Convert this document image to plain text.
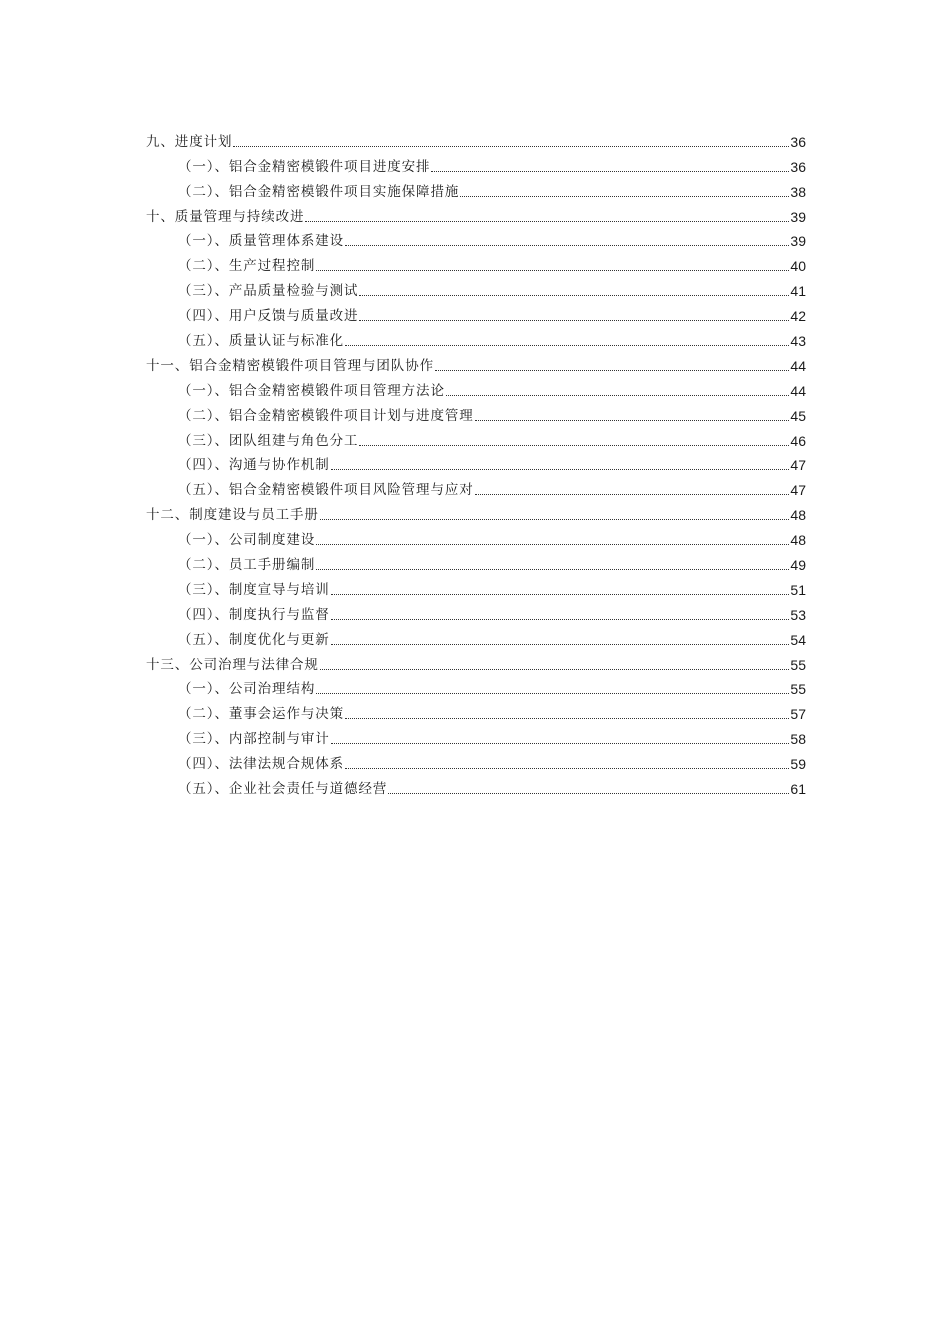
九、进度计划	36
（一）、铝合金精密模锻件项目进度安排	36
（二）、铝合金精密模锻件项目实施保障措施	38
十、质量管理与持续改进	39
（一）、质量管理体系建设	39
（二）、生产过程控制	40
（三）、产品质量检验与测试	41
（四）、用户反馈与质量改进	42
（五）、质量认证与标准化	43
十一、铝合金精密模锻件项目管理与团队协作	44
（一）、铝合金精密模锻件项目管理方法论	44
（二）、铝合金精密模锻件项目计划与进度管理	45
（三）、团队组建与角色分工	46
（四）、沟通与协作机制	47
（五）、铝合金精密模锻件项目风险管理与应对	47
十二、制度建设与员工手册	48
（一）、公司制度建设	48
（二）、员工手册编制	49
（三）、制度宣导与培训	51
（四）、制度执行与监督	53
（五）、制度优化与更新	54
十三、公司治理与法律合规	55
（一）、公司治理结构	55
（二）、董事会运作与决策	57
（三）、内部控制与审计	58
（四）、法律法规合规体系	59
（五）、企业社会责任与道德经营	61
